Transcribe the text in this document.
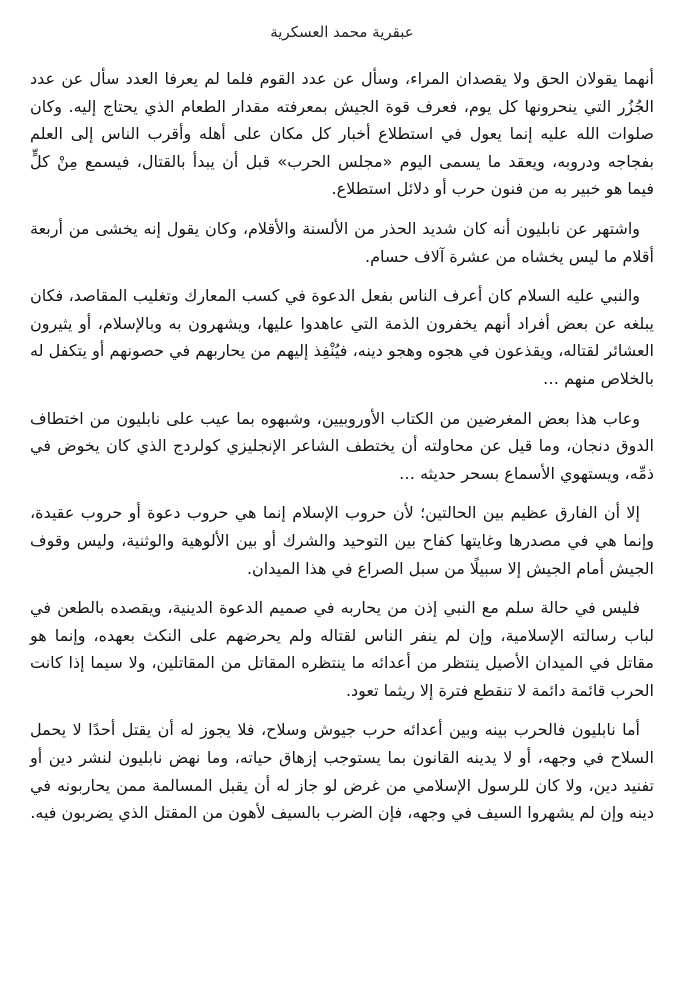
عبقرية محمد العسكرية

أنهما يقولان الحق ولا يقصدان المراء، وسأل عن عدد القوم فلما لم يعرفا العدد سأل عن عدد الجُزُر التي ينحرونها كل يوم، فعرف قوة الجيش بمعرفته مقدار الطعام الذي يحتاج إليه. وكان صلوات الله عليه إنما يعول في استطلاع أخبار كل مكان على أهله وأقرب الناس إلى العلم بفجاجه ودروبه، ويعقد ما يسمى اليوم «مجلس الحرب» قبل أن يبدأ بالقتال، فيسمع مِنْ كلٍّ فيما هو خبير به من فنون حرب أو دلائل استطلاع.

واشتهر عن نابليون أنه كان شديد الحذر من الألسنة والأقلام، وكان يقول إنه يخشى من أربعة أقلام ما ليس يخشاه من عشرة آلاف حسام.

والنبي عليه السلام كان أعرف الناس بفعل الدعوة في كسب المعارك وتغليب المقاصد، فكان يبلغه عن بعض أفراد أنهم يخفرون الذمة التي عاهدوا عليها، ويشهرون به وبالإسلام، أو يثيرون العشائر لقتاله، ويقذعون في هجوه وهجو دينه، فيُنْفِذ إليهم من يحاربهم في حصونهم أو يتكفل له بالخلاص منهم …

وعاب هذا بعض المغرضين من الكتاب الأوروبيين، وشبهوه بما عيب على نابليون من اختطاف الدوق دنجان، وما قيل عن محاولته أن يختطف الشاعر الإنجليزي كولردج الذي كان يخوض في ذمِّه، ويستهوي الأسماع بسحر حديثه …

إلا أن الفارق عظيم بين الحالتين؛ لأن حروب الإسلام إنما هي حروب دعوة أو حروب عقيدة، وإنما هي في مصدرها وغايتها كفاح بين التوحيد والشرك أو بين الألوهية والوثنية، وليس وقوف الجيش أمام الجيش إلا سبيلًا من سبل الصراع في هذا الميدان.

فليس في حالة سلم مع النبي إذن من يحاربه في صميم الدعوة الدينية، ويقصده بالطعن في لباب رسالته الإسلامية، وإن لم ينفر الناس لقتاله ولم يحرضهم على النكث بعهده، وإنما هو مقاتل في الميدان الأصيل ينتظر من أعدائه ما ينتظره المقاتل من المقاتلين، ولا سيما إذا كانت الحرب قائمة دائمة لا تنقطع فترة إلا ريثما تعود.

أما نابليون فالحرب بينه وبين أعدائه حرب جيوش وسلاح، فلا يجوز له أن يقتل أحدًا لا يحمل السلاح في وجهه، أو لا يدينه القانون بما يستوجب إزهاق حياته، وما نهض نابليون لنشر دين أو تفنيد دين، ولا كان للرسول الإسلامي من غرض لو جاز له أن يقبل المسالمة ممن يحاربونه في دينه وإن لم يشهروا السيف في وجهه، فإن الضرب بالسيف لأهون من المقتل الذي يضربون فيه.
